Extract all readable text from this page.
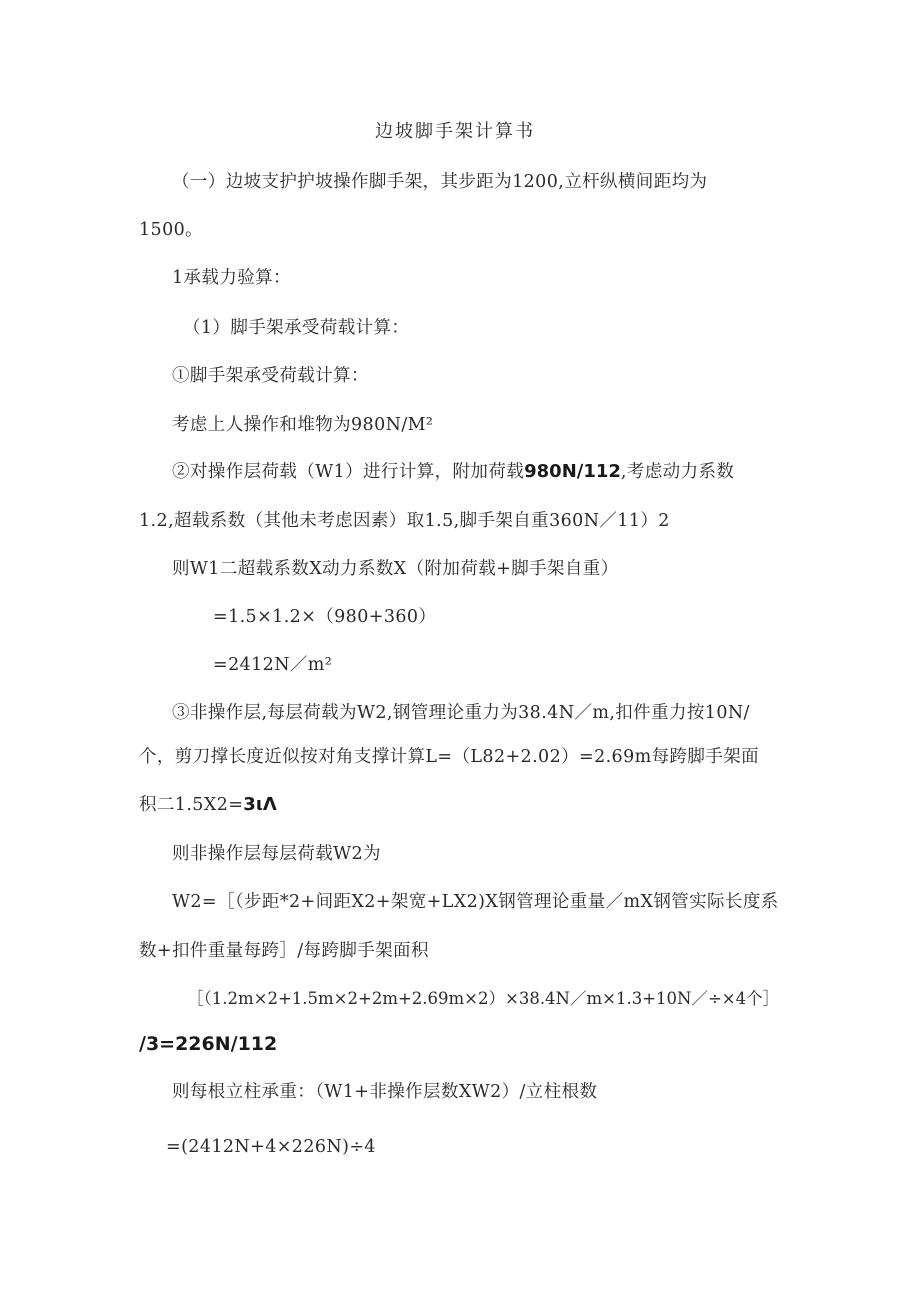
边坡脚手架计算书
（一）边坡支护护坡操作脚手架，其步距为1200,立杆纵横间距均为
1500。
1承载力验算：
（1）脚手架承受荷载计算：
①脚手架承受荷载计算：
考虑上人操作和堆物为980N/M²
②对操作层荷载（W1）进行计算，附加荷载980N∕112,考虑动力系数
1.2,超载系数（其他未考虑因素）取1.5,脚手架自重360N／11）2
则W1二超载系数X动力系数X（附加荷载+脚手架自重）
=1.5×1.2×（980+360）
=2412N／m²
③非操作层,每层荷载为W2,钢管理论重力为38.4N／m,扣件重力按10N/
个，剪刀撑长度近似按对角支撑计算L=（L82+2.02）=2.69m每跨脚手架面
积二1.5X2=3ιΛ
则非操作层每层荷载W2为
W2=［（步距*2+间距X2+架宽+LX2)X钢管理论重量／mX钢管实际长度系
数+扣件重量每跨］/每跨脚手架面积
［（1.2m×2+1.5m×2+2m+2.69m×2）×38.4N／m×1.3+10N／÷×4个］
∕3=226N∕112
则每根立柱承重：（W1+非操作层数XW2）/立柱根数
=(2412N+4×226N)÷4
